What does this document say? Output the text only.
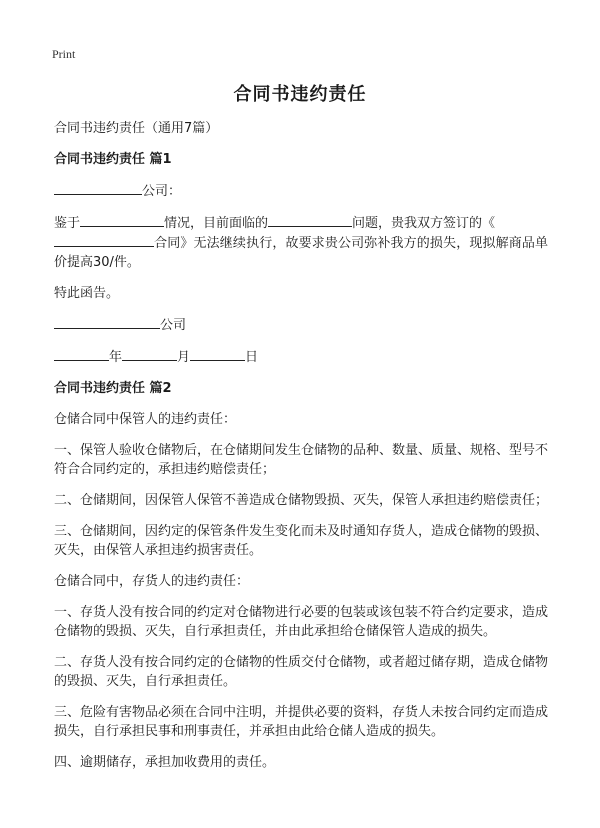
Print
合同书违约责任

合同书违约责任（通用7篇）

合同书违约责任 篇1

公司：

鉴于	情况，目前面临的	问题，贵我双方签订的《
合同》无法继续执行，故要求贵公司弥补我方的损失，现拟解商品单价提高30/件。

特此函告。

公司

年	月	日

合同书违约责任 篇2

仓储合同中保管人的违约责任：

一、保管人验收仓储物后，在仓储期间发生仓储物的品种、数量、质量、规格、型号不符合合同约定的，承担违约赔偿责任；

二、仓储期间，因保管人保管不善造成仓储物毁损、灭失，保管人承担违约赔偿责任；

三、仓储期间，因约定的保管条件发生变化而未及时通知存货人，造成仓储物的毁损、灭失，由保管人承担违约损害责任。

仓储合同中，存货人的违约责任：

一、存货人没有按合同的约定对仓储物进行必要的包装或该包装不符合约定要求，造成仓储物的毁损、灭失，自行承担责任，并由此承担给仓储保管人造成的损失。

二、存货人没有按合同约定的仓储物的性质交付仓储物，或者超过储存期，造成仓储物的毁损、灭失，自行承担责任。

三、危险有害物品必须在合同中注明，并提供必要的资料，存货人未按合同约定而造成损失，自行承担民事和刑事责任，并承担由此给仓储人造成的损失。

四、逾期储存，承担加收费用的责任。
